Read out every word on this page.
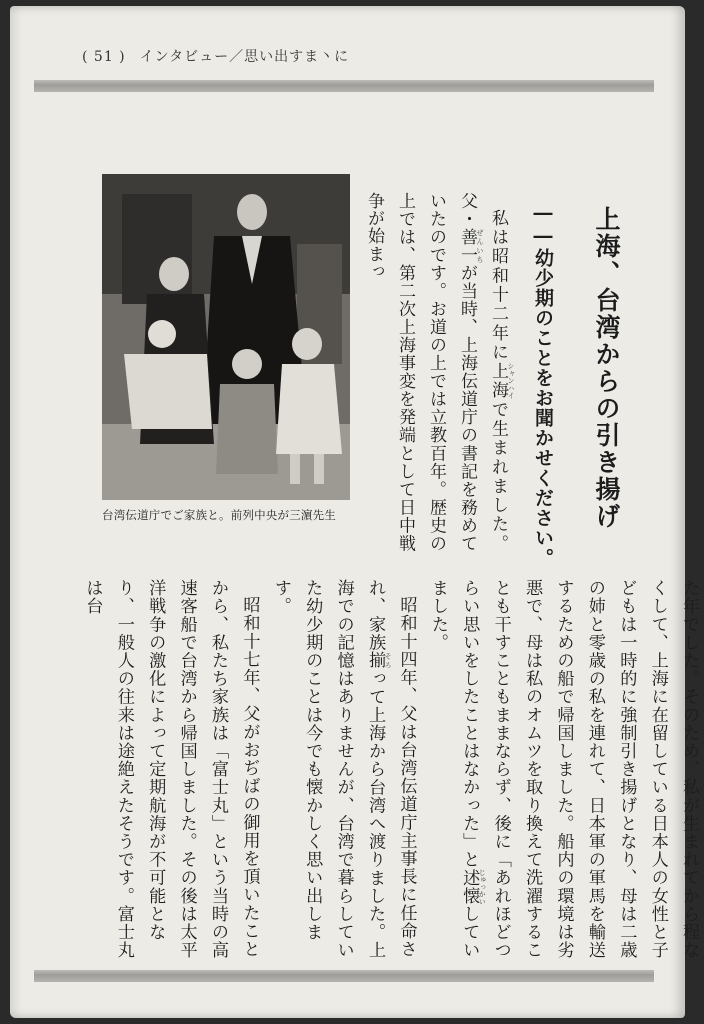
( 51 ) インタビュー／思い出すま丶に
上海、台湾からの引き揚げ
――幼少期のことをお聞かせください。
台湾伝道庁でご家族と。前列中央が三濵先生

私は昭和十二年に上海 シャンハイで生まれました。父・善一 ぜんいちが当時、上海伝道庁の書記を務めていたのです。お道の上では立教百年。歴史の上では、第二次上海事変を発端として日中戦争が始まっ

た年でした。そのため、私が生まれてから程なくして、上海に在留している日本人の女性と子どもは一時的に強制引き揚げとなり、母は二歳の姉と零歳の私を連れて、日本軍の軍馬を輸送するための船で帰国しました。船内の環境は劣悪で、母は私のオムツを取り換えて洗濯することも干すこともままならず、後に「あれほどつらい思いをしたことはなかった」と述懐 じゅっかいしていました。

昭和十四年、父は台湾伝道庁主事長に任命され、家族揃 そろって上海から台湾へ渡りました。上海での記憶はありませんが、台湾で暮らしていた幼少期のことは今でも懐かしく思い出します。

昭和十七年、父がおぢばの御用を頂いたことから、私たち家族は「富士丸」という当時の高速客船で台湾から帰国しました。その後は太平洋戦争の激化によって定期航海が不可能となり、一般人の往来は途絶えたそうです。富士丸は台
